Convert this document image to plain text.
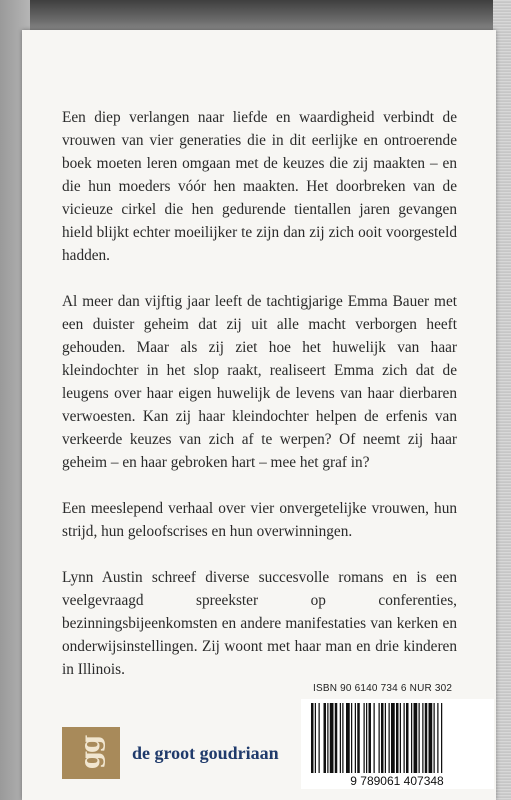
Een diep verlangen naar liefde en waardigheid verbindt de vrouwen van vier generaties die in dit eerlijke en ontroerende boek moeten leren omgaan met de keuzes die zij maakten – en die hun moeders vóór hen maakten. Het doorbreken van de vicieuze cirkel die hen gedurende tientallen jaren gevangen hield blijkt echter moeilijker te zijn dan zij zich ooit voorgesteld hadden.

Al meer dan vijftig jaar leeft de tachtigjarige Emma Bauer met een duister geheim dat zij uit alle macht verborgen heeft gehouden. Maar als zij ziet hoe het huwelijk van haar kleindochter in het slop raakt, realiseert Emma zich dat de leugens over haar eigen huwelijk de levens van haar dierbaren verwoesten. Kan zij haar kleindochter helpen de erfenis van verkeerde keuzes van zich af te werpen? Of neemt zij haar geheim – en haar gebroken hart – mee het graf in?

Een meeslepend verhaal over vier onvergetelijke vrouwen, hun strijd, hun geloofscrises en hun overwinningen.

Lynn Austin schreef diverse succesvolle romans en is een veelgevraagd spreekster op conferenties, bezinningsbijeenkomsten en andere manifestaties van kerken en onderwijsinstellingen. Zij woont met haar man en drie kinderen in Illinois.

ISBN 90 6140 734 6 NUR 302
9 789061 407348
gg de groot goudriaan
